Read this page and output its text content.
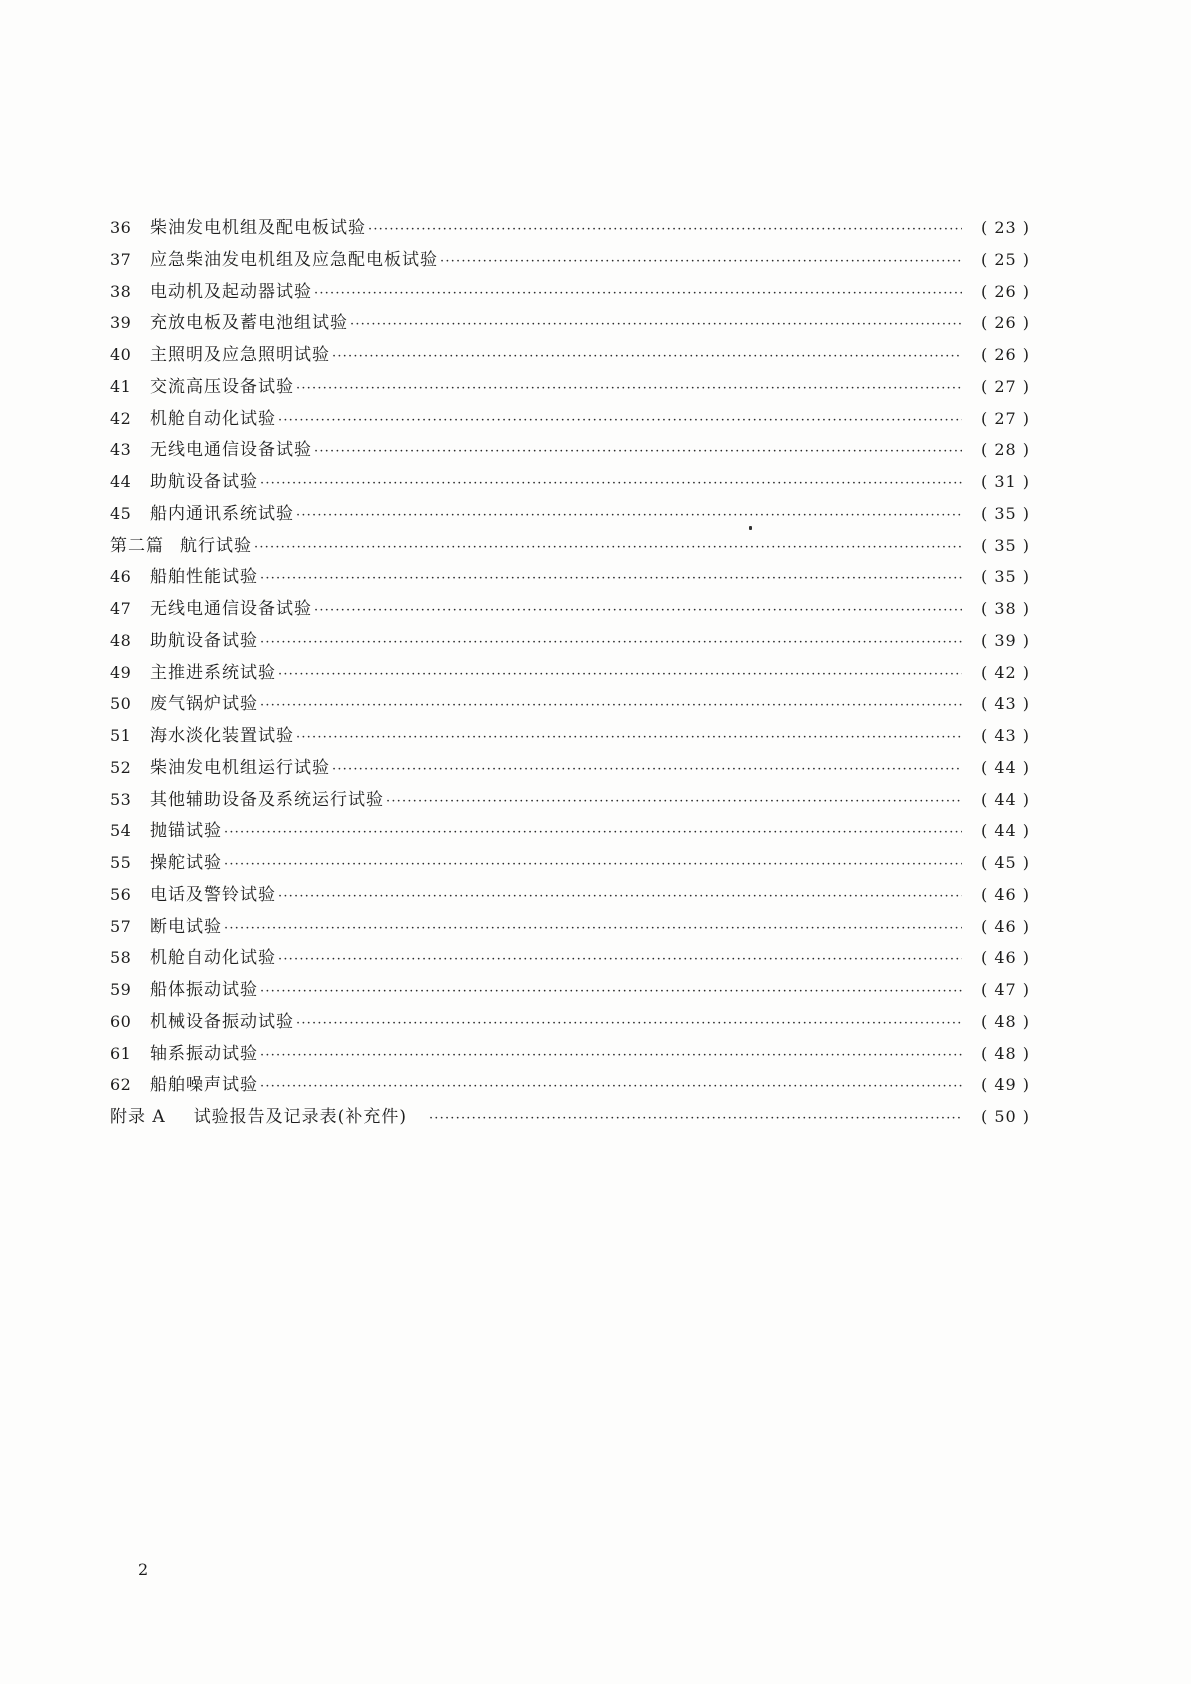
36	柴油发电机组及配电板试验 ·····	( 23 )
37	应急柴油发电机组及应急配电板试验 ·····	( 25 )
38	电动机及起动器试验 ·····	( 26 )
39	充放电板及蓄电池组试验 ·····	( 26 )
40	主照明及应急照明试验 ·····	( 26 )
41	交流高压设备试验 ·····	( 27 )
42	机舱自动化试验 ·····	( 27 )
43	无线电通信设备试验 ·····	( 28 )
44	助航设备试验 ·····	( 31 )
45	船内通讯系统试验 ·····	( 35 )
第二篇 航行试验 ·····	( 35 )
46	船舶性能试验 ·····	( 35 )
47	无线电通信设备试验 ·····	( 38 )
48	助航设备试验 ·····	( 39 )
49	主推进系统试验 ·····	( 42 )
50	废气锅炉试验 ·····	( 43 )
51	海水淡化装置试验 ·····	( 43 )
52	柴油发电机组运行试验 ·····	( 44 )
53	其他辅助设备及系统运行试验 ·····	( 44 )
54	抛锚试验 ·····	( 44 )
55	操舵试验 ·····	( 45 )
56	电话及警铃试验 ·····	( 46 )
57	断电试验 ·····	( 46 )
58	机舱自动化试验 ·····	( 46 )
59	船体振动试验 ·····	( 47 )
60	机械设备振动试验 ·····	( 48 )
61	轴系振动试验 ·····	( 48 )
62	船舶噪声试验 ·····	( 49 )
附录 A 试验报告及记录表(补充件) ·····	( 50 )
2
